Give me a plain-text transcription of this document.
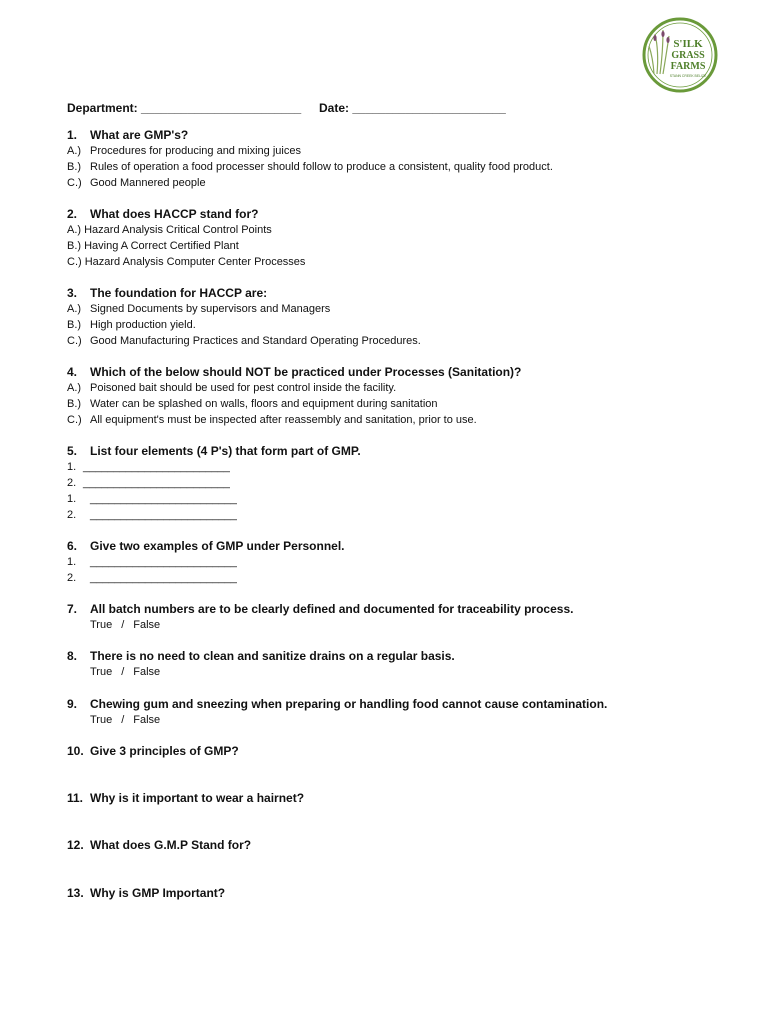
S'ILK
GRASS
FARMS
STANN CREEK BELIZE
Department: ________________________ Date: _______________________
1. What are GMP's?
A.) Procedures for producing and mixing juices
B.) Rules of operation a food processer should follow to produce a consistent, quality food product.
C.) Good Mannered people
2. What does HACCP stand for?
A.) Hazard Analysis Critical Control Points
B.) Having A Correct Certified Plant
C.) Hazard Analysis Computer Center Processes
3. The foundation for HACCP are:
A.) Signed Documents by supervisors and Managers
B.) High production yield.
C.) Good Manufacturing Practices and Standard Operating Procedures.
4. Which of the below should NOT be practiced under Processes (Sanitation)?
A.) Poisoned bait should be used for pest control inside the facility.
B.) Water can be splashed on walls, floors and equipment during sanitation
C.) All equipment's must be inspected after reassembly and sanitation, prior to use.
5. List four elements (4 P's) that form part of GMP.
1. ________________________
2. ________________________
1. ________________________
2. ________________________
6. Give two examples of GMP under Personnel.
1. ________________________
2. ________________________
7. All batch numbers are to be clearly defined and documented for traceability process.
True / False
8. There is no need to clean and sanitize drains on a regular basis.
True / False
9. Chewing gum and sneezing when preparing or handling food cannot cause contamination.
True / False
10. Give 3 principles of GMP?
11. Why is it important to wear a hairnet?
12. What does G.M.P Stand for?
13. Why is GMP Important?
